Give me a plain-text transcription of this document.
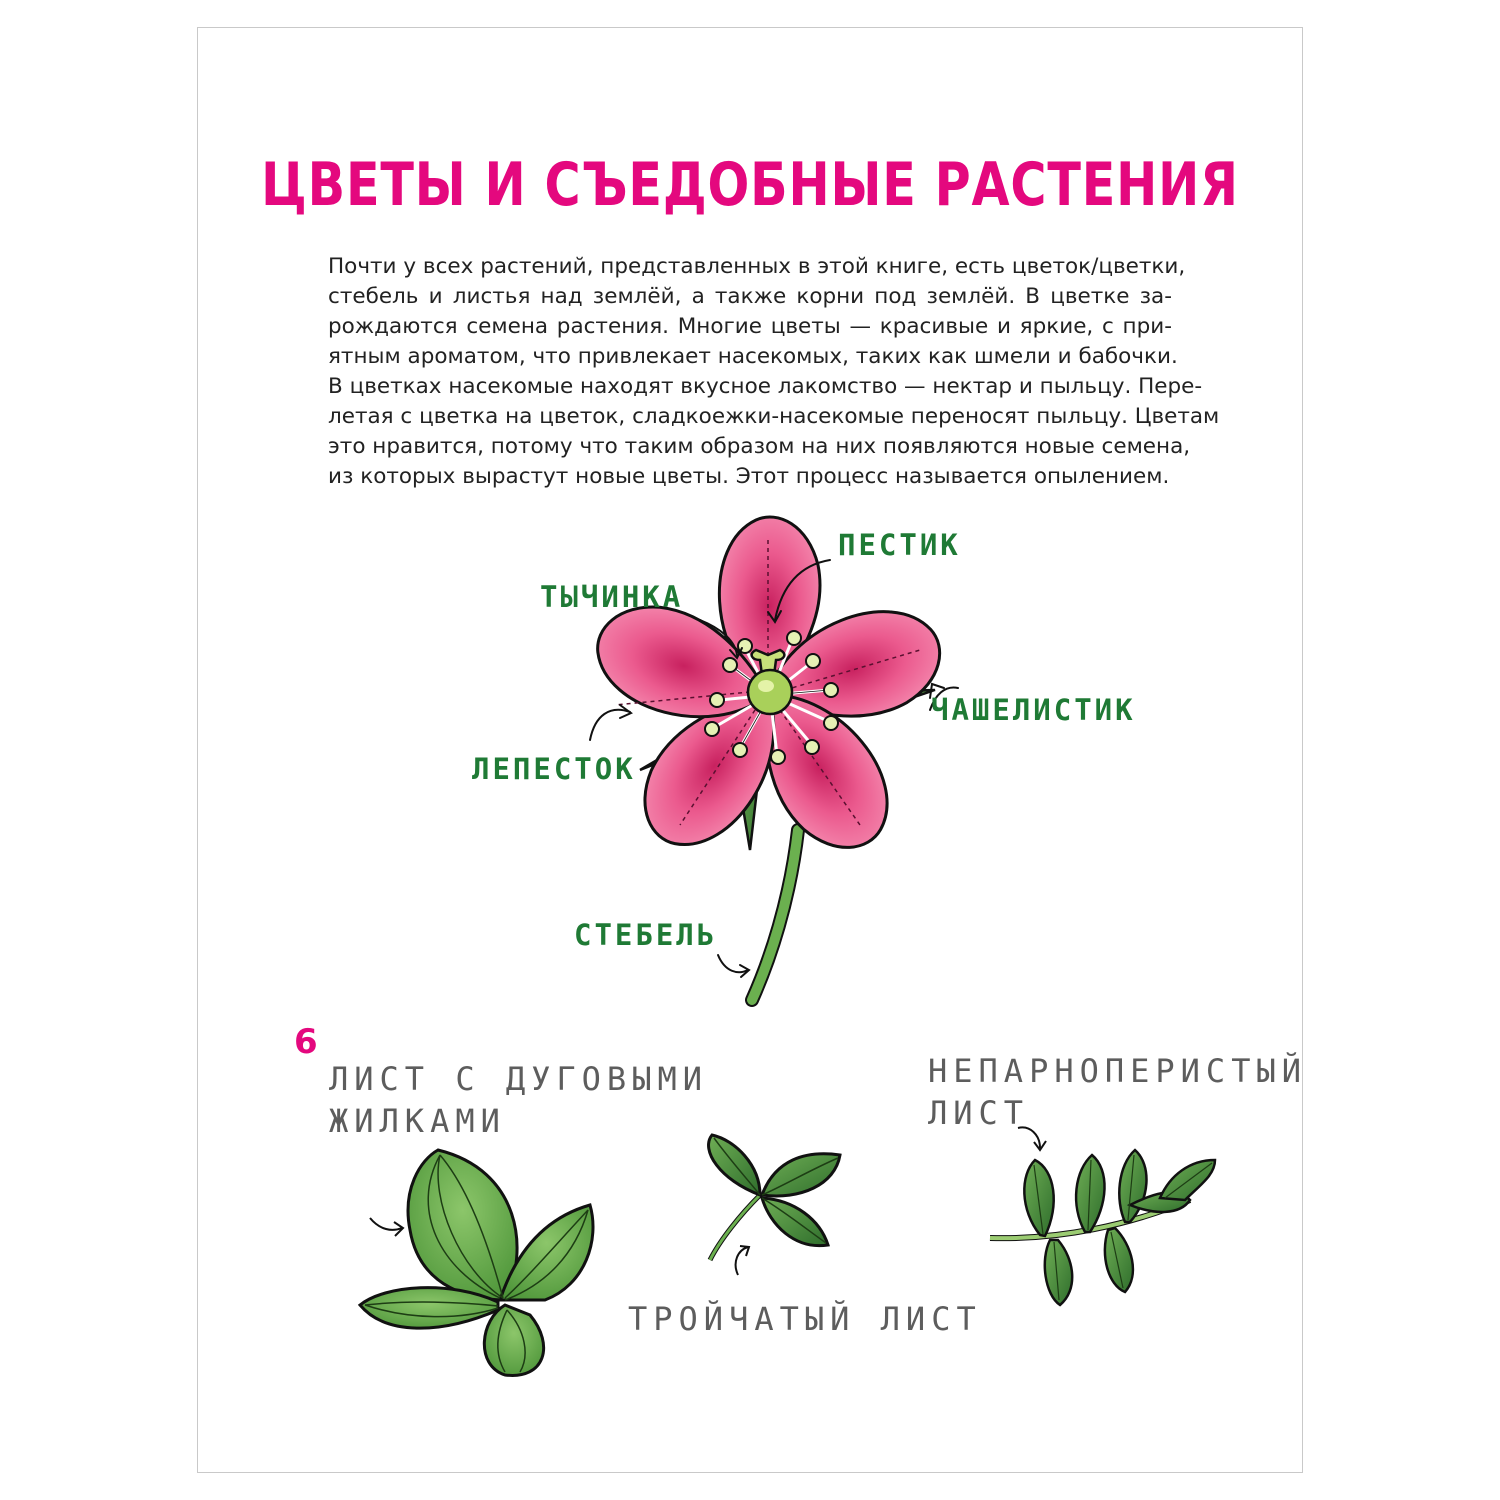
ЦВЕТЫ И СЪЕДОБНЫЕ РАСТЕНИЯ
Почти у всех растений, представленных в этой книге, есть цветок/цветки,
стебель и листья над землёй, а также корни под землёй. В цветке за-
рождаются семена растения. Многие цветы — красивые и яркие, с при-
ятным ароматом, что привлекает насекомых, таких как шмели и бабочки.
В цветках насекомые находят вкусное лакомство — нектар и пыльцу. Пере-
летая с цветка на цветок, сладкоежки-насекомые переносят пыльцу. Цветам
это нравится, потому что таким образом на них появляются новые семена,
из которых вырастут новые цветы. Этот процесс называется опылением.
ПЕСТИК
ТЫЧИНКА
ЧАШЕЛИСТИК
ЛЕПЕСТОК
СТЕБЕЛЬ
ЛИСТ С ДУГОВЫМИ
ЖИЛКАМИ
НЕПАРНОПЕРИСТЫЙ
ЛИСТ
ТРОЙЧАТЫЙ ЛИСТ
6
